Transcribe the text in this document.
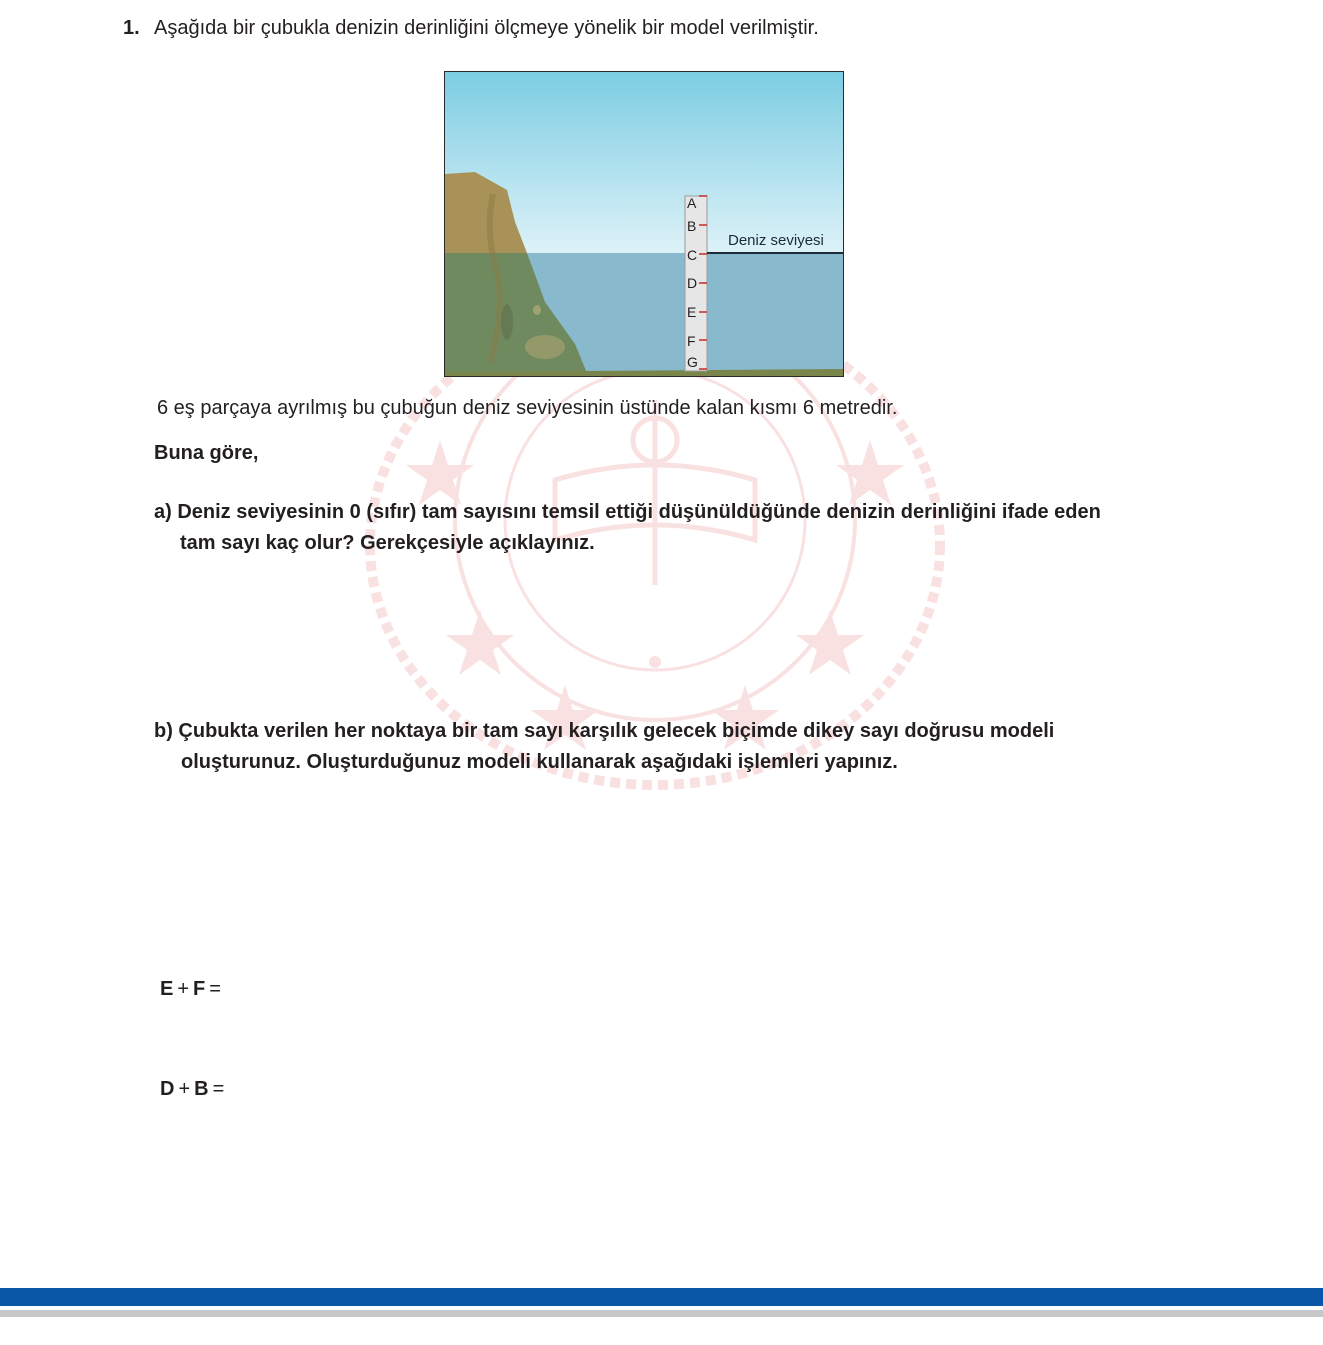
1. Aşağıda bir çubukla denizin derinliğini ölçmeye yönelik bir model verilmiştir.
A
B
C
D
E
F
G
Deniz seviyesi
6 eş parçaya ayrılmış bu çubuğun deniz seviyesinin üstünde kalan kısmı 6 metredir.
Buna göre,
a) Deniz seviyesinin 0 (sıfır) tam sayısını temsil ettiği düşünüldüğünde denizin derinliğini ifade eden
tam sayı kaç olur? Gerekçesiyle açıklayınız.
b) Çubukta verilen her noktaya bir tam sayı karşılık gelecek biçimde dikey sayı doğrusu modeli
oluşturunuz. Oluşturduğunuz modeli kullanarak aşağıdaki işlemleri yapınız.
E + F =
D + B =
